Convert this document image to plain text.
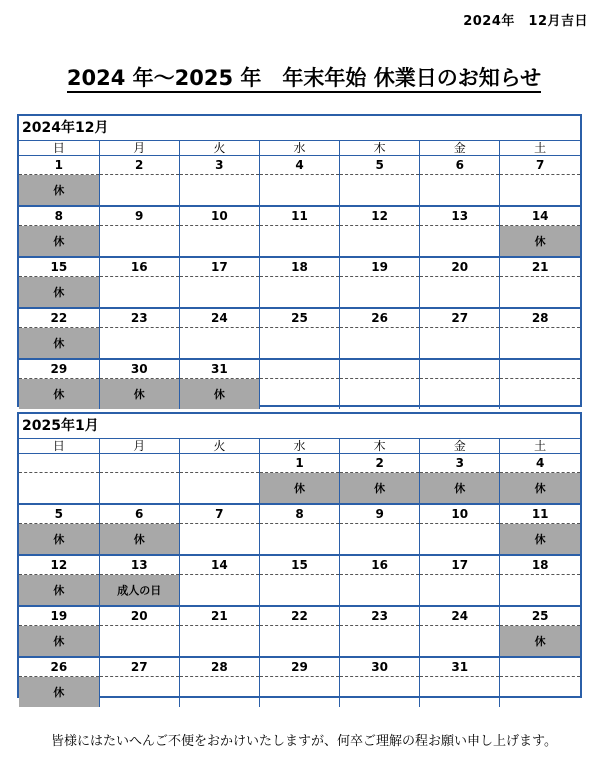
2024年　12月吉日
2024 年～2025 年　年末年始 休業日のお知らせ
2024年12月
日	月	火	水	木	金	土
1	2	3	4	5	6	7
休						
8	9	10	11	12	13	14
休						休
15	16	17	18	19	20	21
休						
22	23	24	25	26	27	28
休						
29	30	31				
休	休	休				
2025年1月
日	月	火	水	木	金	土
			1	2	3	4
			休	休	休	休
5	6	7	8	9	10	11
休	休					休
12	13	14	15	16	17	18
休	成人の日					
19	20	21	22	23	24	25
休						休
26	27	28	29	30	31	
休						
皆様にはたいへんご不便をおかけいたしますが、何卒ご理解の程お願い申し上げます。
